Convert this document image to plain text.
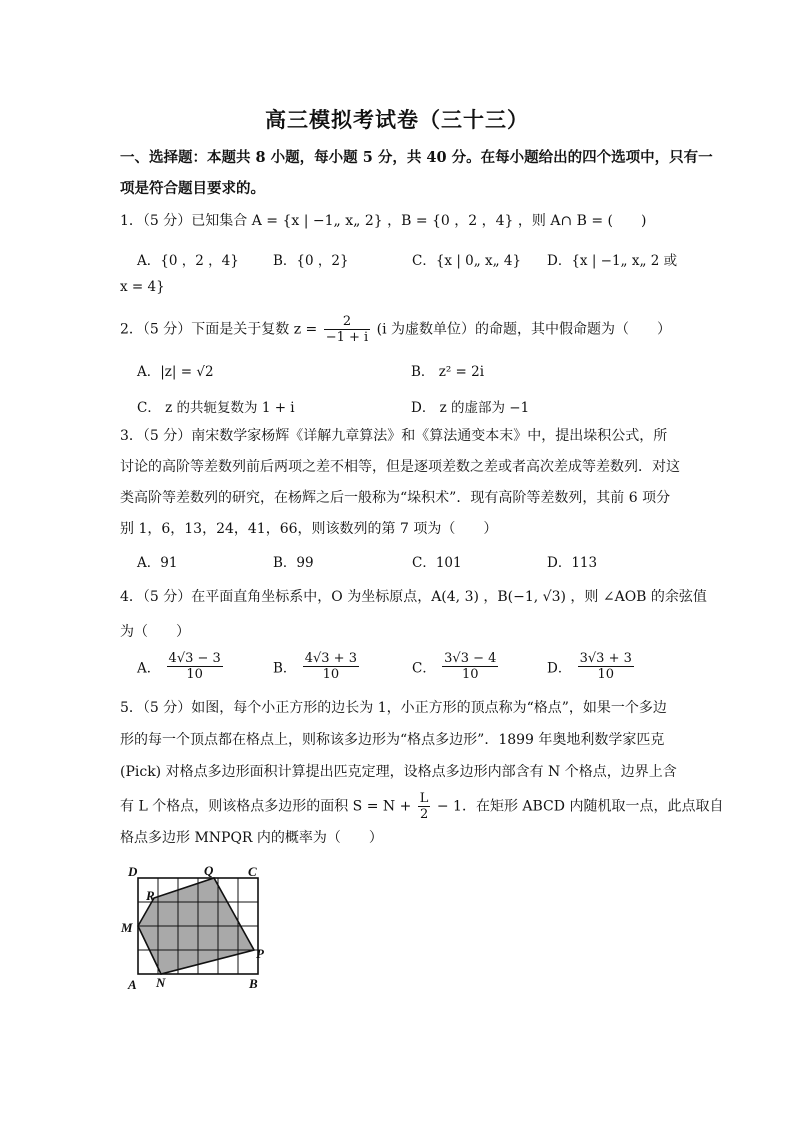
高三模拟考试卷（三十三）
一、选择题：本题共 8 小题，每小题 5 分，共 40 分。在每小题给出的四个选项中，只有一
项是符合题目要求的。
1．（5 分）已知集合 A = {x | −1„ x„ 2} ，B = {0 ，2 ，4} ，则 A∩ B = (　　)
A．{0 ，2 ，4}	B．{0 ，2}	C．{x | 0„ x„ 4} D．{x | −1„ x„ 2 或
x = 4}
2．（5 分）下面是关于复数 $z = \frac{2}{-1 + i} (i$ 为虚数单位）的命题，其中假命题为（　　）
A．|z| = √2	B． z² = 2i
C． z 的共轭复数为 1 + i	D． z 的虚部为 −1
3．（5 分）南宋数学家杨辉《详解九章算法》和《算法通变本末》中，提出垛积公式，所
讨论的高阶等差数列前后两项之差不相等，但是逐项差数之差或者高次差成等差数列．对这
类高阶等差数列的研究，在杨辉之后一般称为“垛积术”．现有高阶等差数列，其前 6 项分
别 1，6，13，24，41，66，则该数列的第 7 项为（　　）
A．91	B．99	C．101	D．113
4．（5 分）在平面直角坐标系中，O 为坐标原点，A(4, 3) ，B(−1, √3) ，则 ∠AOB 的余弦值
为（　　）
A． $\frac{4√3 - 3}{10}$	B． $\frac{4√3 + 3}{10}$	C． $\frac{3√3 - 4}{10}$	D． $\frac{3√3 + 3}{10}$
5．（5 分）如图，每个小正方形的边长为 1，小正方形的顶点称为“格点”，如果一个多边
形的每一个顶点都在格点上，则称该多边形为“格点多边形”．1899 年奥地利数学家匹克
(Pick) 对格点多边形面积计算提出匹克定理，设格点多边形内部含有 N 个格点，边界上含
有 L 个格点，则该格点多边形的面积 $S = N + \frac{L}{2} - 1$．在矩形 ABCD 内随机取一点，此点取自
格点多边形 MNPQR 内的概率为（　　）
D	C
Q
R
M
P
A N	B
